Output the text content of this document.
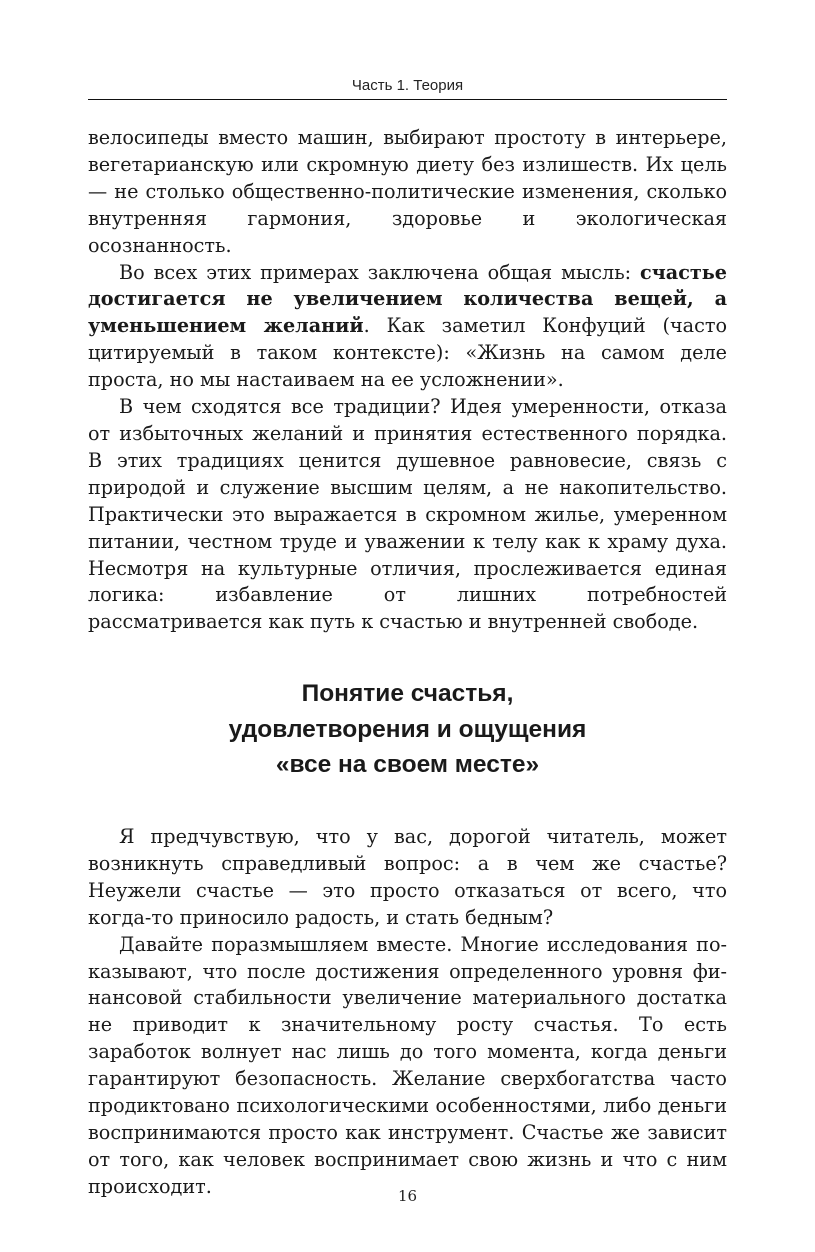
Часть 1. Теория

велосипеды вместо машин, выбирают простоту в интерьере, вегетарианскую или скромную диету без излишеств. Их цель — не столько общественно-политические изменения, сколько внутренняя гармония, здоровье и экологическая осознанность.

Во всех этих примерах заключена общая мысль: счастье достигается не увеличением количества вещей, а уменьшением желаний. Как заметил Конфуций (часто цитируемый в таком контексте): «Жизнь на самом деле проста, но мы настаиваем на ее усложнении».

В чем сходятся все традиции? Идея умеренности, отказа от избыточных желаний и принятия естественного порядка. В этих традициях ценится душевное равновесие, связь с природой и служение высшим целям, а не накопительство. Практически это выражается в скромном жилье, умеренном питании, честном труде и уважении к телу как к храму духа. Несмотря на культурные отличия, прослеживается единая логика: избавление от лишних потребностей рассматривается как путь к счастью и внутренней свободе.

Понятие счастья,
удовлетворения и ощущения
«все на своем месте»

Я предчувствую, что у вас, дорогой читатель, может возникнуть справедливый вопрос: а в чем же счастье? Неужели счастье — это просто отказаться от всего, что когда-то приносило радость, и стать бедным?

Давайте поразмышляем вместе. Многие исследования показывают, что после достижения определенного уровня финансовой стабильности увеличение материального достатка не приводит к значительному росту счастья. То есть заработок волнует нас лишь до того момента, когда деньги гарантируют безопасность. Желание сверхбогатства часто продиктовано психологическими особенностями, либо деньги воспринимаются просто как инструмент. Счастье же зависит от того, как человек воспринимает свою жизнь и что с ним происходит.	16
